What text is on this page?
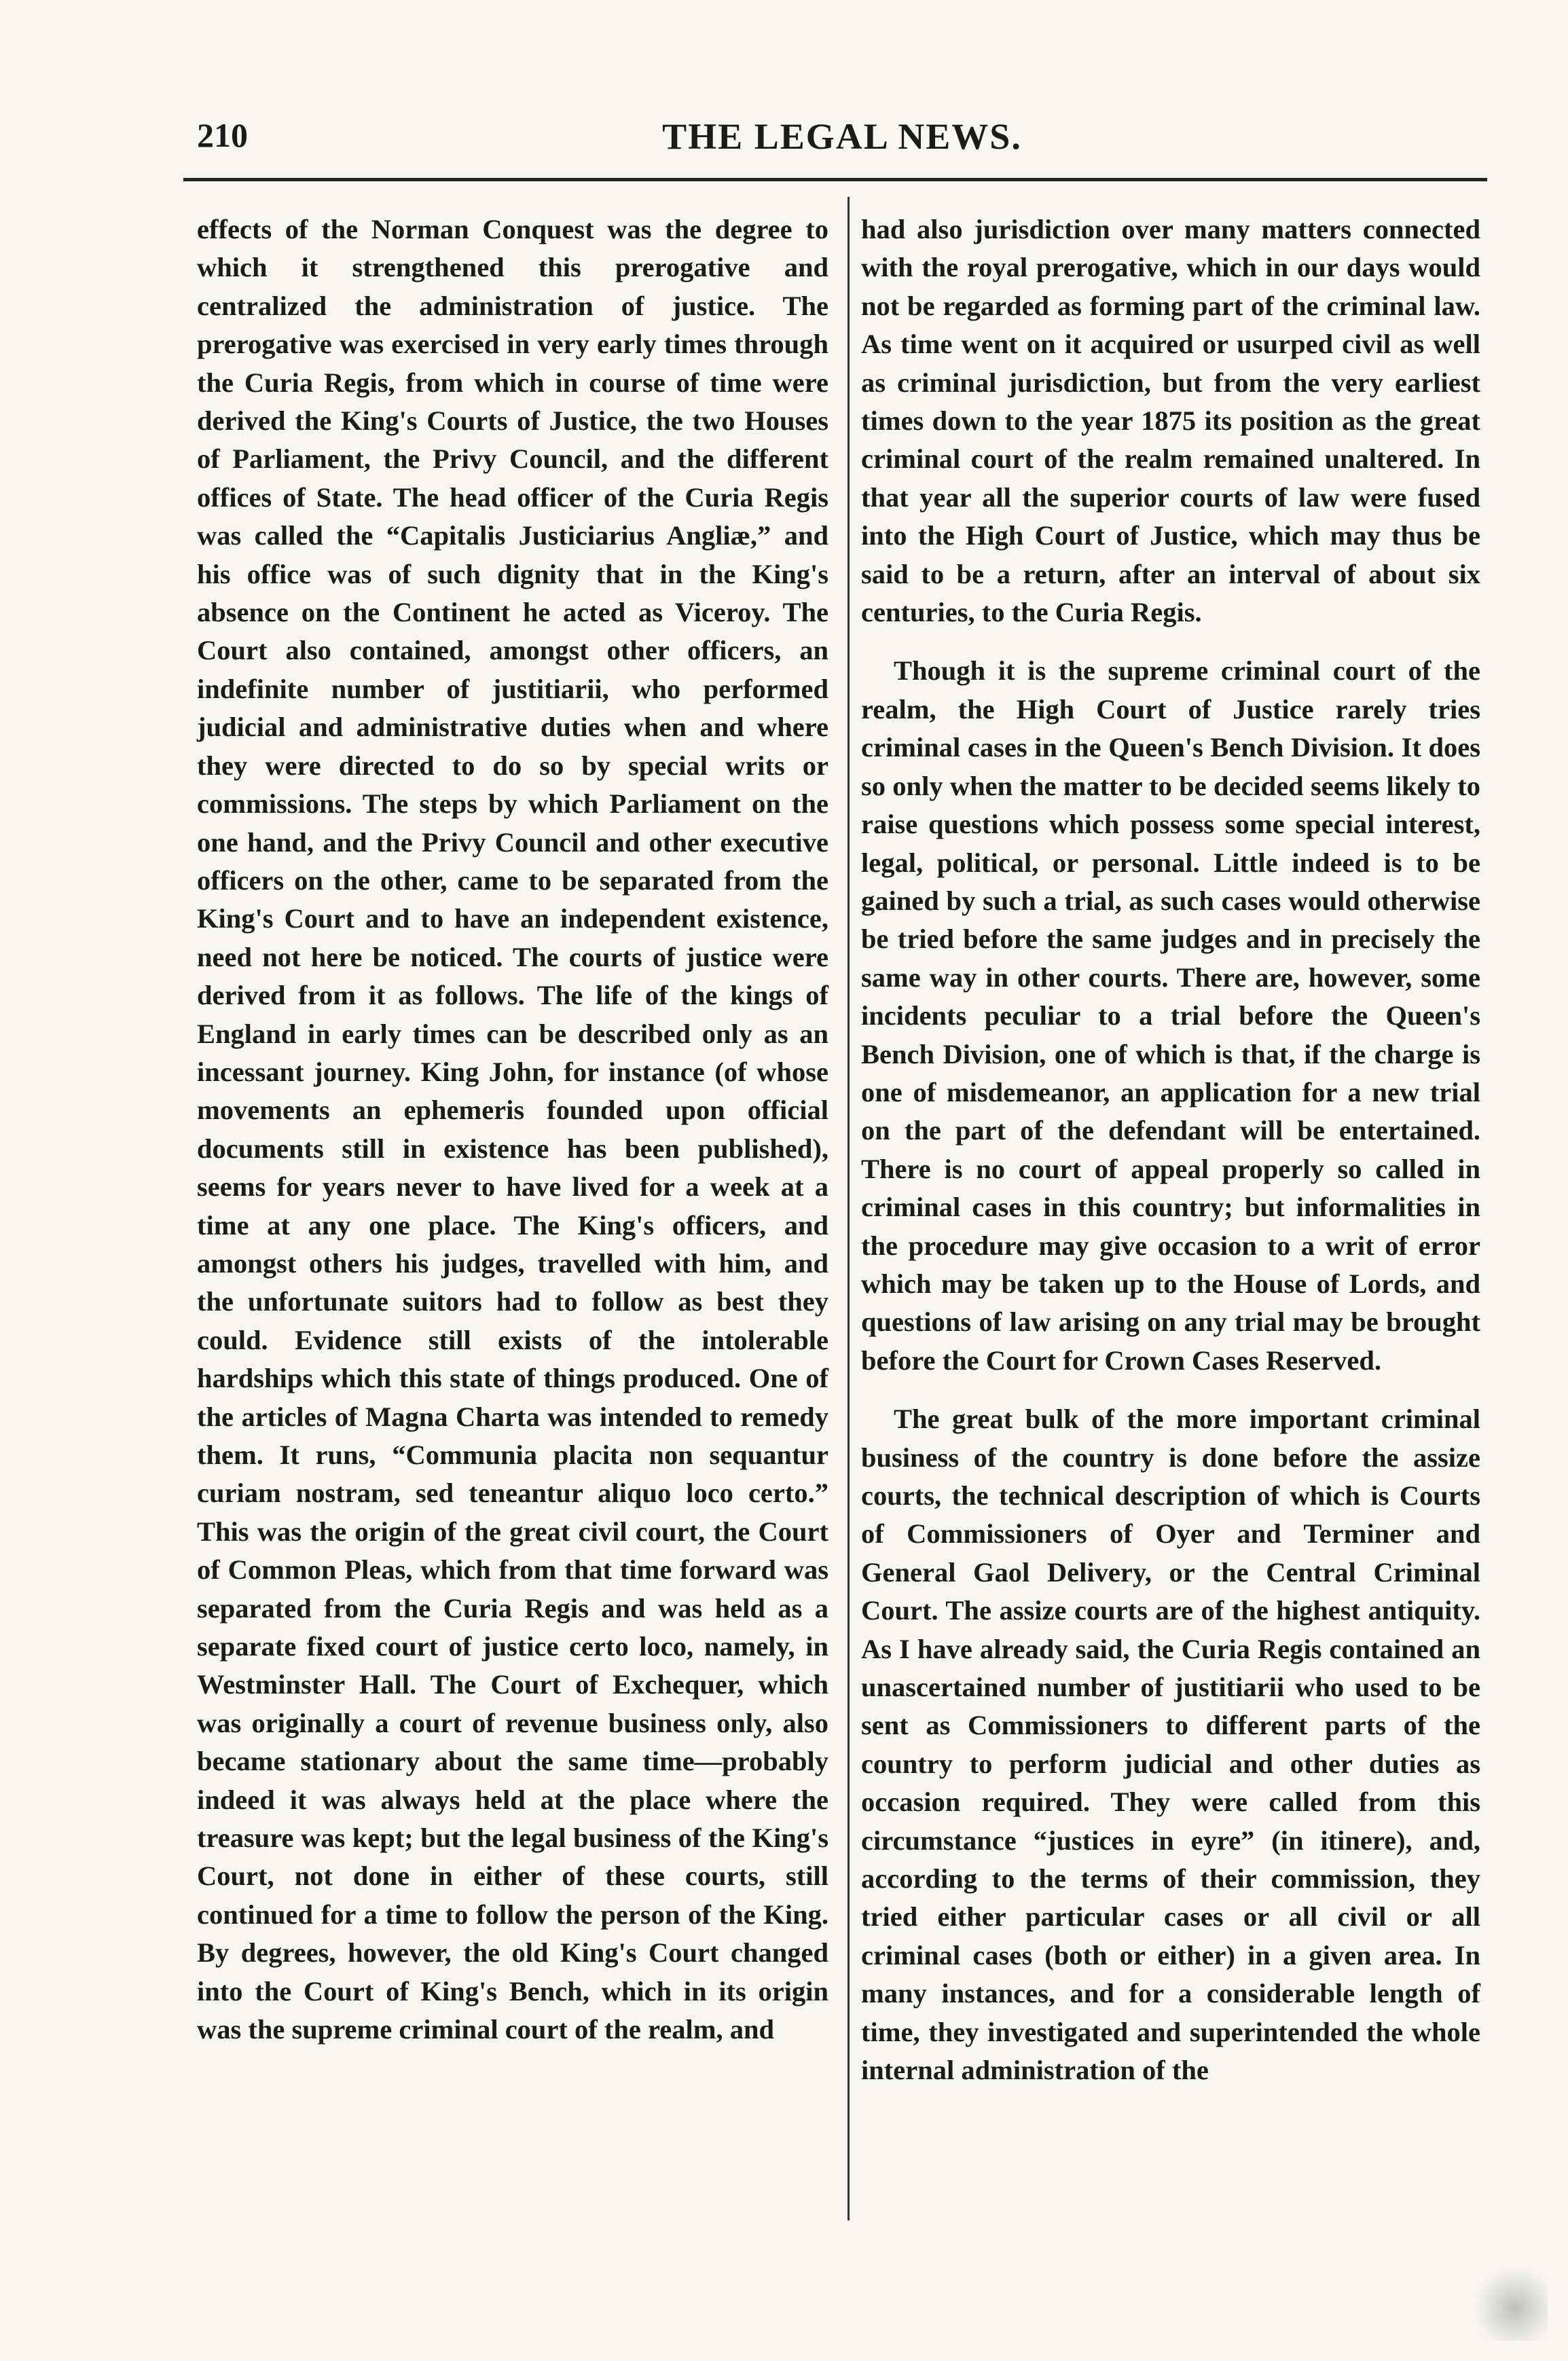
210	THE LEGAL NEWS.

effects of the Norman Conquest was the degree to which it strengthened this prerogative and centralized the administration of justice. The prerogative was exercised in very early times through the Curia Regis, from which in course of time were derived the King's Courts of Justice, the two Houses of Parliament, the Privy Council, and the different offices of State. The head officer of the Curia Regis was called the “Capitalis Justiciarius Angliæ,” and his office was of such dignity that in the King's absence on the Continent he acted as Viceroy. The Court also contained, amongst other officers, an indefinite number of justitiarii, who performed judicial and administrative duties when and where they were directed to do so by special writs or commissions. The steps by which Parliament on the one hand, and the Privy Council and other executive officers on the other, came to be separated from the King's Court and to have an independent existence, need not here be noticed. The courts of justice were derived from it as follows. The life of the kings of England in early times can be described only as an incessant journey. King John, for instance (of whose movements an ephemeris founded upon official documents still in existence has been published), seems for years never to have lived for a week at a time at any one place. The King's officers, and amongst others his judges, travelled with him, and the unfortunate suitors had to follow as best they could. Evidence still exists of the intolerable hardships which this state of things produced. One of the articles of Magna Charta was intended to remedy them. It runs, “Communia placita non sequantur curiam nostram, sed teneantur aliquo loco certo.” This was the origin of the great civil court, the Court of Common Pleas, which from that time forward was separated from the Curia Regis and was held as a separate fixed court of justice certo loco, namely, in Westminster Hall. The Court of Exchequer, which was originally a court of revenue business only, also became stationary about the same time—probably indeed it was always held at the place where the treasure was kept; but the legal business of the King's Court, not done in either of these courts, still continued for a time to follow the person of the King. By degrees, however, the old King's Court changed into the Court of King's Bench, which in its origin was the supreme criminal court of the realm, and

had also jurisdiction over many matters connected with the royal prerogative, which in our days would not be regarded as forming part of the criminal law. As time went on it acquired or usurped civil as well as criminal jurisdiction, but from the very earliest times down to the year 1875 its position as the great criminal court of the realm remained unaltered. In that year all the superior courts of law were fused into the High Court of Justice, which may thus be said to be a return, after an interval of about six centuries, to the Curia Regis.

Though it is the supreme criminal court of the realm, the High Court of Justice rarely tries criminal cases in the Queen's Bench Division. It does so only when the matter to be decided seems likely to raise questions which possess some special interest, legal, political, or personal. Little indeed is to be gained by such a trial, as such cases would otherwise be tried before the same judges and in precisely the same way in other courts. There are, however, some incidents peculiar to a trial before the Queen's Bench Division, one of which is that, if the charge is one of misdemeanor, an application for a new trial on the part of the defendant will be entertained. There is no court of appeal properly so called in criminal cases in this country; but informalities in the procedure may give occasion to a writ of error which may be taken up to the House of Lords, and questions of law arising on any trial may be brought before the Court for Crown Cases Reserved.

The great bulk of the more important criminal business of the country is done before the assize courts, the technical description of which is Courts of Commissioners of Oyer and Terminer and General Gaol Delivery, or the Central Criminal Court. The assize courts are of the highest antiquity. As I have already said, the Curia Regis contained an unascertained number of justitiarii who used to be sent as Commissioners to different parts of the country to perform judicial and other duties as occasion required. They were called from this circumstance “justices in eyre” (in itinere), and, according to the terms of their commission, they tried either particular cases or all civil or all criminal cases (both or either) in a given area. In many instances, and for a considerable length of time, they investigated and superintended the whole internal administration of the
